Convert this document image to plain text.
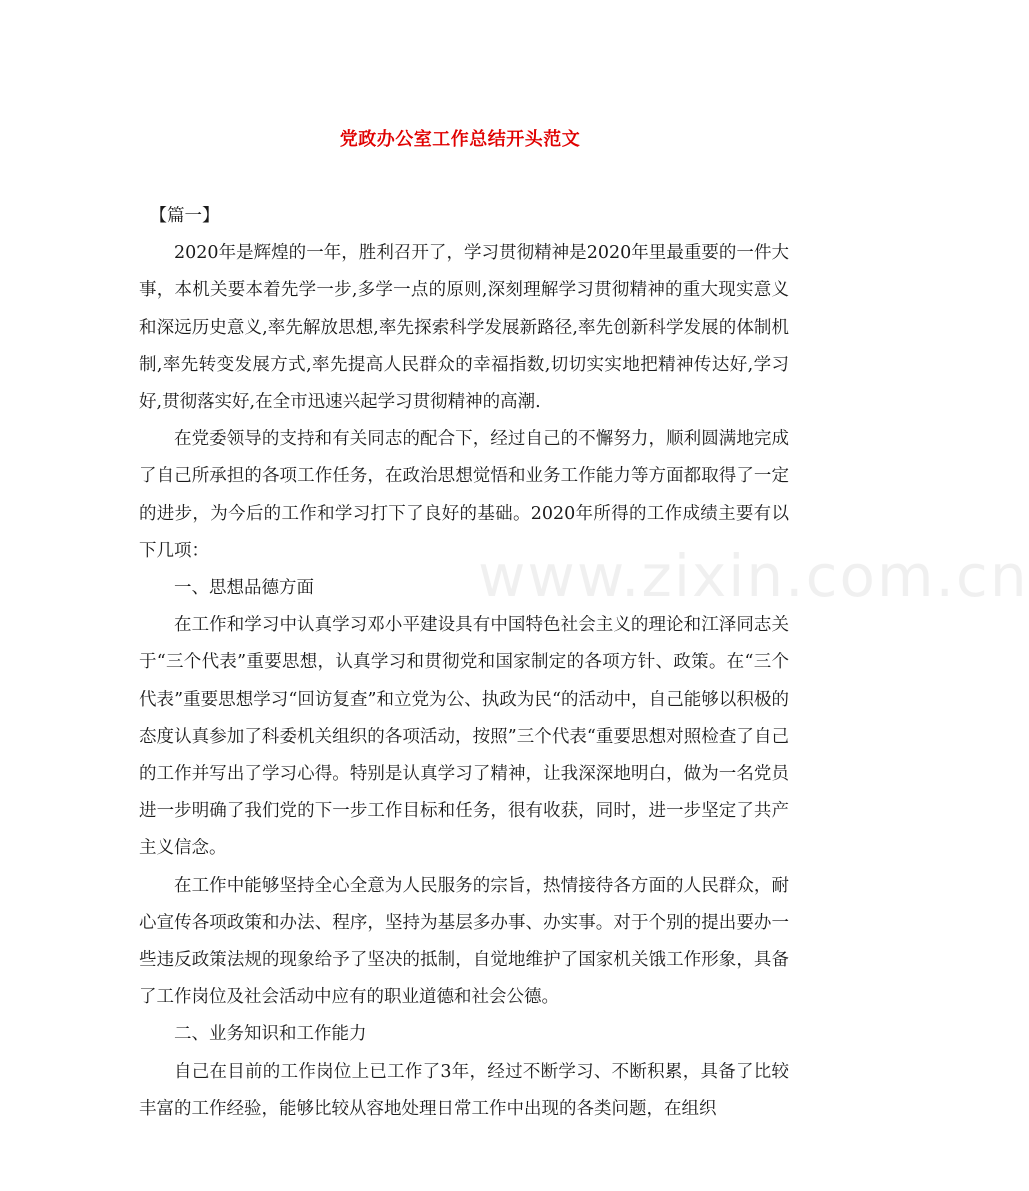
www.zixin.com.cn
党政办公室工作总结开头范文

【篇一】

2020年是辉煌的一年，胜利召开了，学习贯彻精神是2020年里最重要的一件大事，本机关要本着先学一步,多学一点的原则,深刻理解学习贯彻精神的重大现实意义和深远历史意义,率先解放思想,率先探索科学发展新路径,率先创新科学发展的体制机制,率先转变发展方式,率先提高人民群众的幸福指数,切切实实地把精神传达好,学习好,贯彻落实好,在全市迅速兴起学习贯彻精神的高潮.

在党委领导的支持和有关同志的配合下，经过自己的不懈努力，顺利圆满地完成了自己所承担的各项工作任务，在政治思想觉悟和业务工作能力等方面都取得了一定的进步，为今后的工作和学习打下了良好的基础。2020年所得的工作成绩主要有以下几项：

一、思想品德方面

在工作和学习中认真学习邓小平建设具有中国特色社会主义的理论和江泽同志关于“三个代表”重要思想，认真学习和贯彻党和国家制定的各项方针、政策。在“三个代表”重要思想学习“回访复查”和立党为公、执政为民“的活动中，自己能够以积极的态度认真参加了科委机关组织的各项活动，按照”三个代表“重要思想对照检查了自己的工作并写出了学习心得。特别是认真学习了精神，让我深深地明白，做为一名党员进一步明确了我们党的下一步工作目标和任务，很有收获，同时，进一步坚定了共产主义信念。

在工作中能够坚持全心全意为人民服务的宗旨，热情接待各方面的人民群众，耐心宣传各项政策和办法、程序，坚持为基层多办事、办实事。对于个别的提出要办一些违反政策法规的现象给予了坚决的抵制，自觉地维护了国家机关饿工作形象，具备了工作岗位及社会活动中应有的职业道德和社会公德。

二、业务知识和工作能力

自己在目前的工作岗位上已工作了3年，经过不断学习、不断积累，具备了比较丰富的工作经验，能够比较从容地处理日常工作中出现的各类问题，在组织
